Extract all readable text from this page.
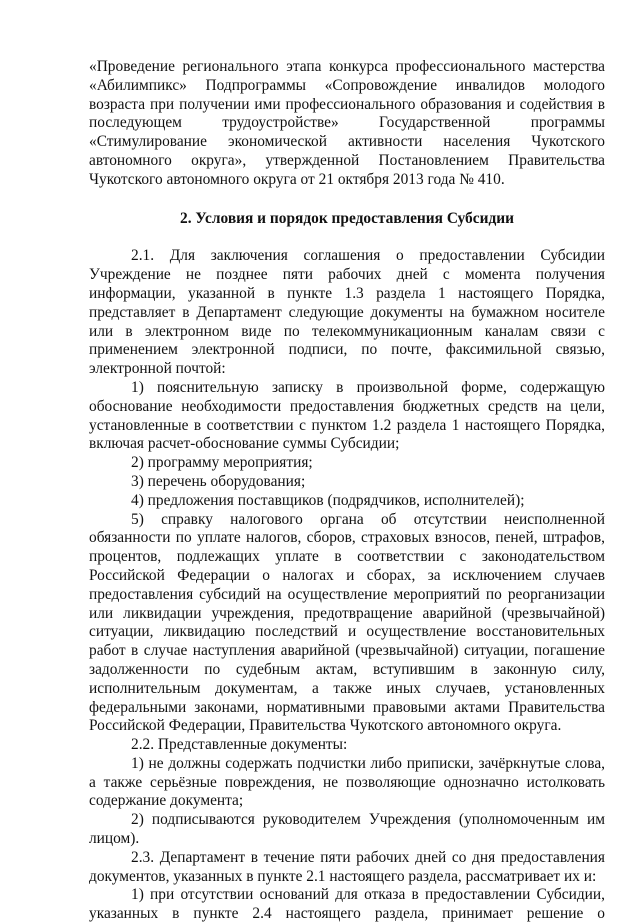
«Проведение регионального этапа конкурса профессионального мастерства «Абилимпикс» Подпрограммы «Сопровождение инвалидов молодого возраста при получении ими профессионального образования и содействия в последующем трудоустройстве» Государственной программы «Стимулирование экономической активности населения Чукотского автономного округа», утвержденной Постановлением Правительства Чукотского автономного округа от 21 октября 2013 года № 410.

2. Условия и порядок предоставления Субсидии

2.1. Для заключения соглашения о предоставлении Субсидии Учреждение не позднее пяти рабочих дней с момента получения информации, указанной в пункте 1.3 раздела 1 настоящего Порядка, представляет в Департамент следующие документы на бумажном носителе или в электронном виде по телекоммуникационным каналам связи с применением электронной подписи, по почте, факсимильной связью, электронной почтой:

1) пояснительную записку в произвольной форме, содержащую обоснование необходимости предоставления бюджетных средств на цели, установленные в соответствии с пунктом 1.2 раздела 1 настоящего Порядка, включая расчет-обоснование суммы Субсидии;

2) программу мероприятия;

3) перечень оборудования;

4) предложения поставщиков (подрядчиков, исполнителей);

5) справку налогового органа об отсутствии неисполненной обязанности по уплате налогов, сборов, страховых взносов, пеней, штрафов, процентов, подлежащих уплате в соответствии с законодательством Российской Федерации о налогах и сборах, за исключением случаев предоставления субсидий на осуществление мероприятий по реорганизации или ликвидации учреждения, предотвращение аварийной (чрезвычайной) ситуации, ликвидацию последствий и осуществление восстановительных работ в случае наступления аварийной (чрезвычайной) ситуации, погашение задолженности по судебным актам, вступившим в законную силу, исполнительным документам, а также иных случаев, установленных федеральными законами, нормативными правовыми актами Правительства Российской Федерации, Правительства Чукотского автономного округа.

2.2. Представленные документы:

1) не должны содержать подчистки либо приписки, зачёркнутые слова, а также серьёзные повреждения, не позволяющие однозначно истолковать содержание документа;

2) подписываются руководителем Учреждения (уполномоченным им лицом).

2.3. Департамент в течение пяти рабочих дней со дня предоставления документов, указанных в пункте 2.1 настоящего раздела, рассматривает их и:

1) при отсутствии оснований для отказа в предоставлении Субсидии, указанных в пункте 2.4 настоящего раздела, принимает решение о
